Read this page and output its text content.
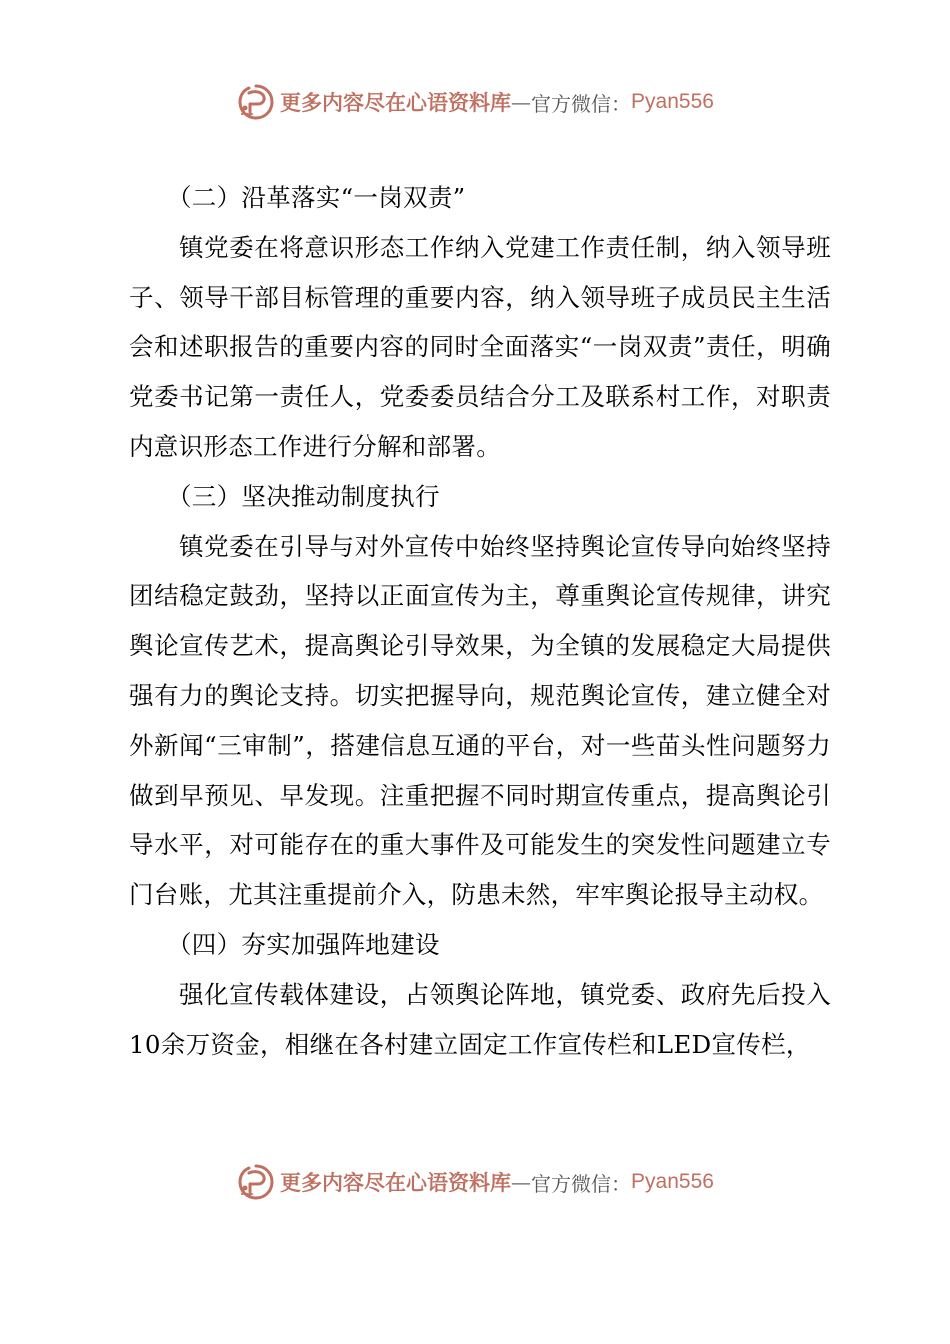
更多内容尽在心语资料库 — 官方微信： Pyan556

（二）沿革落实“一岗双责”

镇党委在将意识形态工作纳入党建工作责任制，纳入领导班子、领导干部目标管理的重要内容，纳入领导班子成员民主生活会和述职报告的重要内容的同时全面落实“一岗双责”责任，明确党委书记第一责任人，党委委员结合分工及联系村工作，对职责内意识形态工作进行分解和部署。

（三）坚决推动制度执行

镇党委在引导与对外宣传中始终坚持舆论宣传导向始终坚持团结稳定鼓劲，坚持以正面宣传为主，尊重舆论宣传规律，讲究舆论宣传艺术，提高舆论引导效果，为全镇的发展稳定大局提供强有力的舆论支持。切实把握导向，规范舆论宣传，建立健全对外新闻“三审制”，搭建信息互通的平台，对一些苗头性问题努力做到早预见、早发现。注重把握不同时期宣传重点，提高舆论引导水平，对可能存在的重大事件及可能发生的突发性问题建立专门台账，尤其注重提前介入，防患未然，牢牢舆论报导主动权。

（四）夯实加强阵地建设

强化宣传载体建设，占领舆论阵地，镇党委、政府先后投入10余万资金，相继在各村建立固定工作宣传栏和LED宣传栏，

更多内容尽在心语资料库 — 官方微信： Pyan556
